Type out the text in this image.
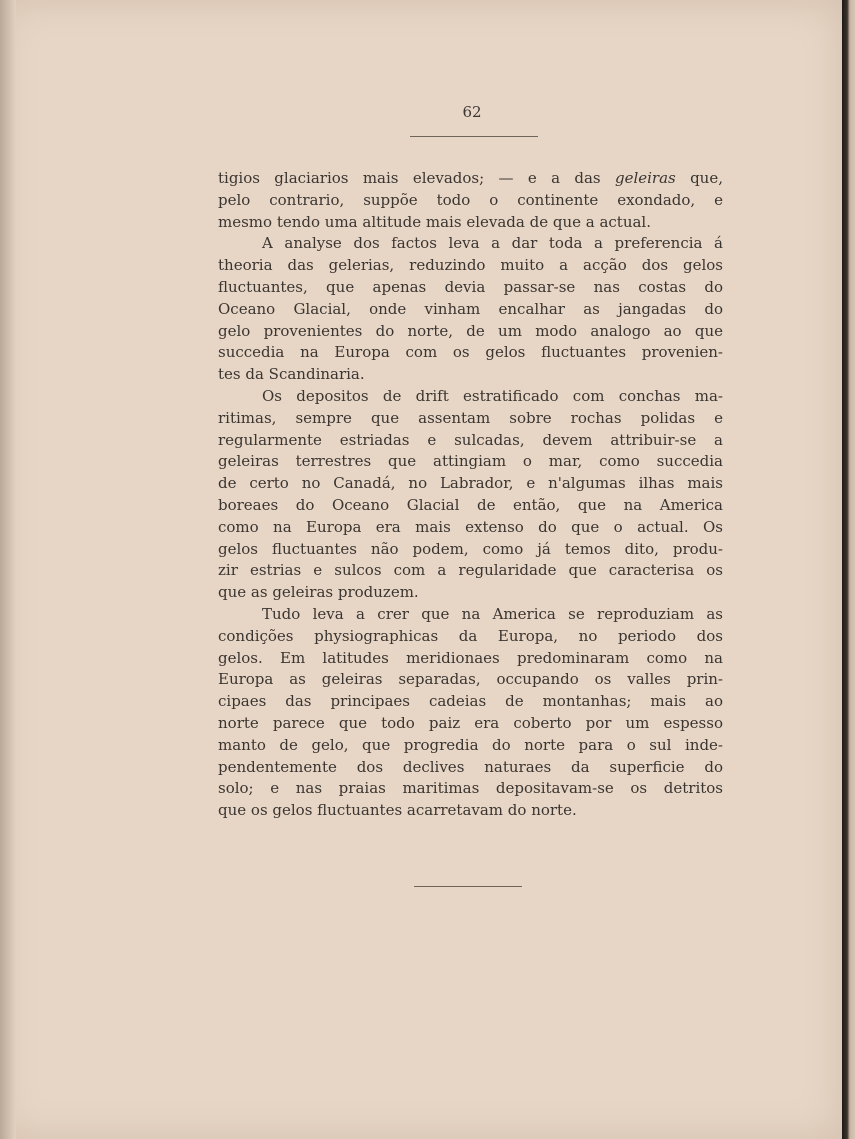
62
tigios glaciarios mais elevados; — e a das geleiras que,
pelo contrario, suppõe todo o continente exondado, e
mesmo tendo uma altitude mais elevada de que a actual.
A analyse dos factos leva a dar toda a preferencia á
theoria das gelerias, reduzindo muito a acção dos gelos
fluctuantes, que apenas devia passar-se nas costas do
Oceano Glacial, onde vinham encalhar as jangadas do
gelo provenientes do norte, de um modo analogo ao que
succedia na Europa com os gelos fluctuantes provenien-
tes da Scandinaria.
Os depositos de drift estratificado com conchas ma-
ritimas, sempre que assentam sobre rochas polidas e
regularmente estriadas e sulcadas, devem attribuir-se a
geleiras terrestres que attingiam o mar, como succedia
de certo no Canadá, no Labrador, e n'algumas ilhas mais
boreaes do Oceano Glacial de então, que na America
como na Europa era mais extenso do que o actual. Os
gelos fluctuantes não podem, como já temos dito, produ-
zir estrias e sulcos com a regularidade que caracterisa os
que as geleiras produzem.
Tudo leva a crer que na America se reproduziam as
condições physiographicas da Europa, no periodo dos
gelos. Em latitudes meridionaes predominaram como na
Europa as geleiras separadas, occupando os valles prin-
cipaes das principaes cadeias de montanhas; mais ao
norte parece que todo paiz era coberto por um espesso
manto de gelo, que progredia do norte para o sul inde-
pendentemente dos declives naturaes da superficie do
solo; e nas praias maritimas depositavam-se os detritos
que os gelos fluctuantes acarretavam do norte.
